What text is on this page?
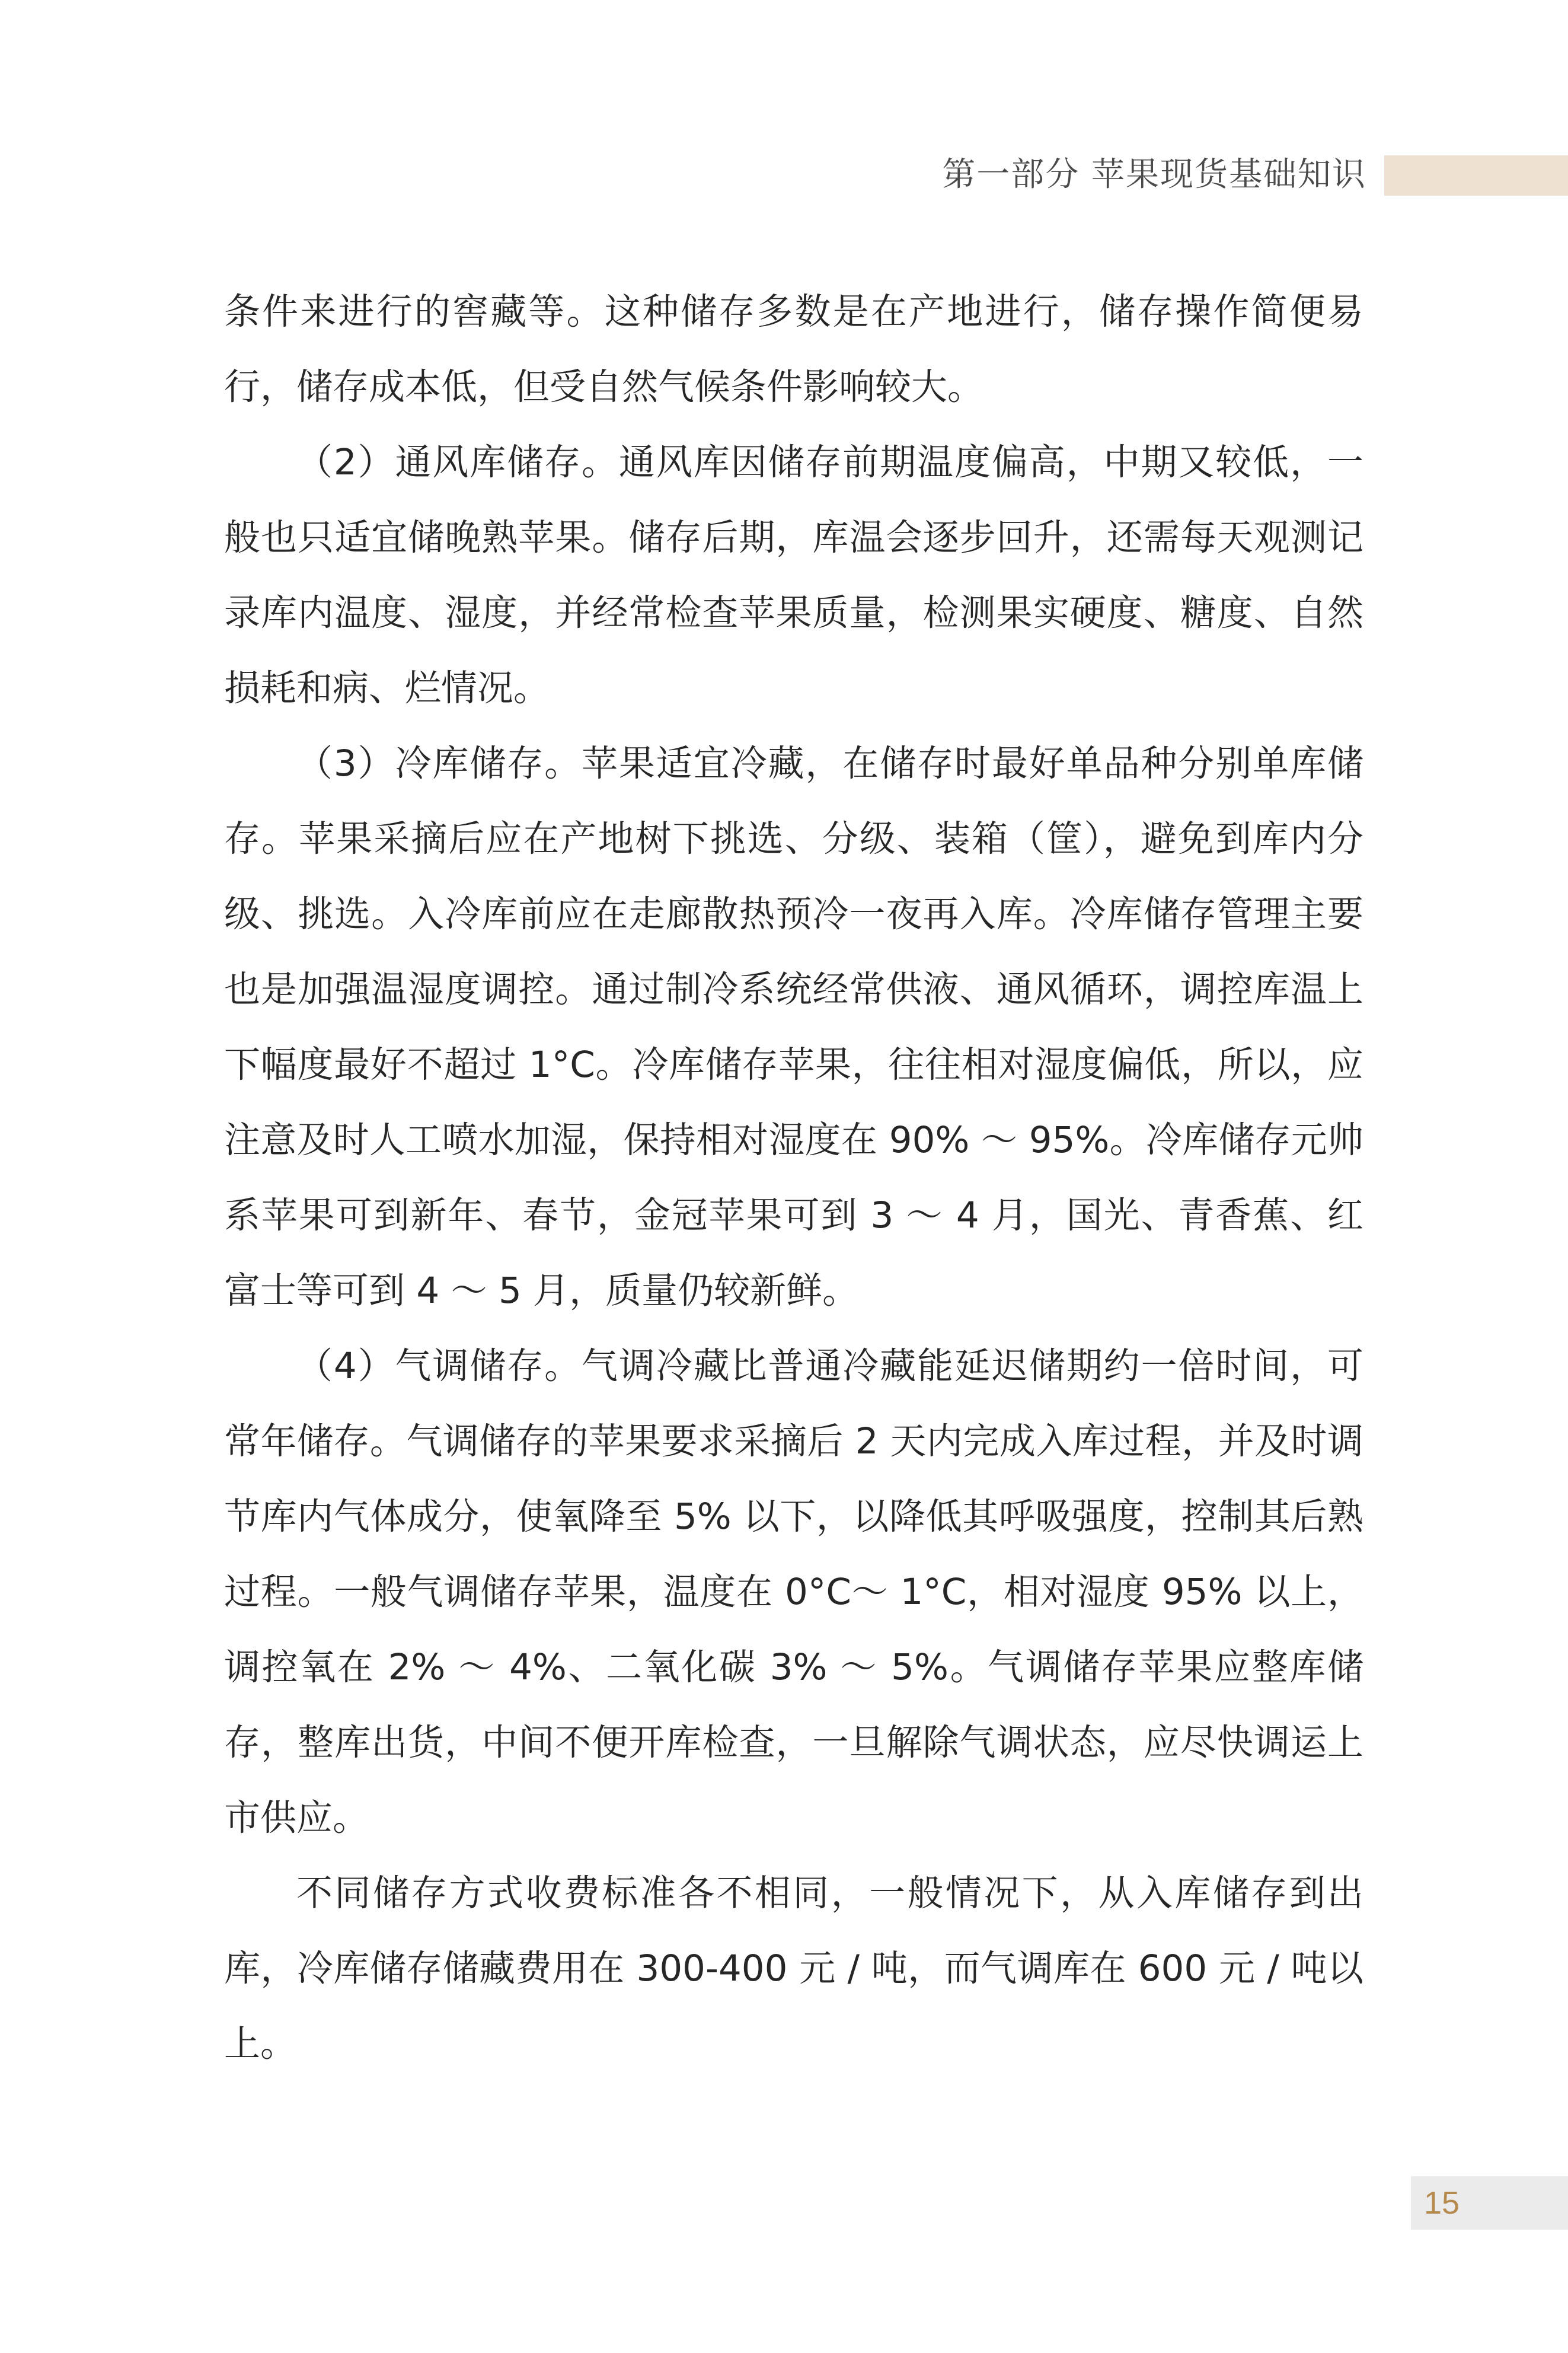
第一部分 苹果现货基础知识

条件来进行的窖藏等。这种储存多数是在产地进行，储存操作简便易行，储存成本低，但受自然气候条件影响较大。

（2）通风库储存。通风库因储存前期温度偏高，中期又较低，一般也只适宜储晚熟苹果。储存后期，库温会逐步回升，还需每天观测记录库内温度、湿度，并经常检查苹果质量，检测果实硬度、糖度、自然损耗和病、烂情况。

（3）冷库储存。苹果适宜冷藏，在储存时最好单品种分别单库储存。苹果采摘后应在产地树下挑选、分级、装箱（筐），避免到库内分级、挑选。入冷库前应在走廊散热预冷一夜再入库。冷库储存管理主要也是加强温湿度调控。通过制冷系统经常供液、通风循环，调控库温上下幅度最好不超过 1°C。冷库储存苹果，往往相对湿度偏低，所以，应注意及时人工喷水加湿，保持相对湿度在 90% ～ 95%。冷库储存元帅系苹果可到新年、春节，金冠苹果可到 3 ～ 4 月，国光、青香蕉、红富士等可到 4 ～ 5 月，质量仍较新鲜。

（4）气调储存。气调冷藏比普通冷藏能延迟储期约一倍时间，可常年储存。气调储存的苹果要求采摘后 2 天内完成入库过程，并及时调节库内气体成分，使氧降至 5% 以下，以降低其呼吸强度，控制其后熟过程。一般气调储存苹果，温度在 0°C～ 1°C，相对湿度 95% 以上，调控氧在 2% ～ 4%、二氧化碳 3% ～ 5%。气调储存苹果应整库储存，整库出货，中间不便开库检查，一旦解除气调状态，应尽快调运上市供应。

不同储存方式收费标准各不相同，一般情况下，从入库储存到出库，冷库储存储藏费用在 300-400 元 / 吨，而气调库在 600 元 / 吨以上。

15
